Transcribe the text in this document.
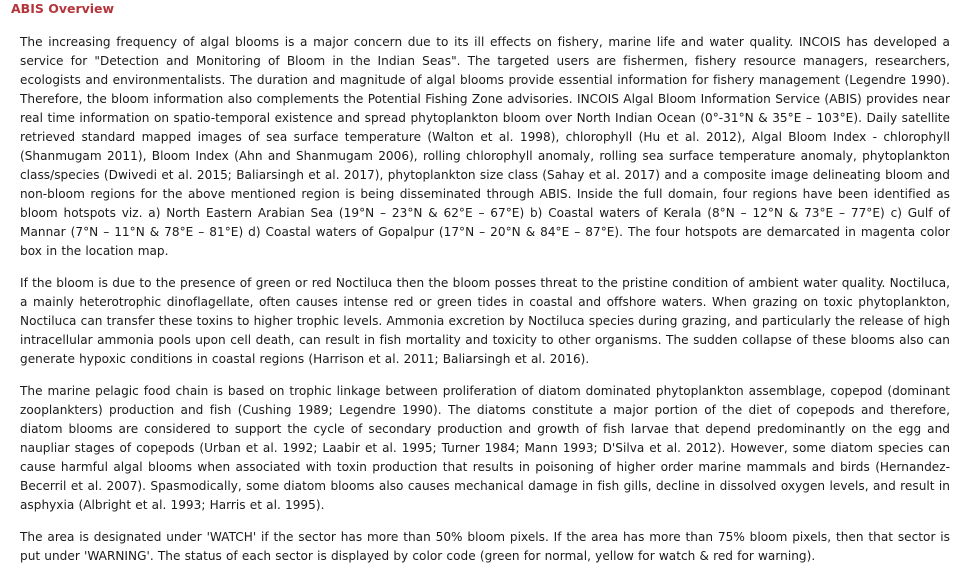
ABIS Overview

The increasing frequency of algal blooms is a major concern due to its ill effects on fishery, marine life and water quality. INCOIS has developed a service for "Detection and Monitoring of Bloom in the Indian Seas". The targeted users are fishermen, fishery resource managers, researchers, ecologists and environmentalists. The duration and magnitude of algal blooms provide essential information for fishery management (Legendre 1990). Therefore, the bloom information also complements the Potential Fishing Zone advisories. INCOIS Algal Bloom Information Service (ABIS) provides near real time information on spatio-temporal existence and spread phytoplankton bloom over North Indian Ocean (0°-31°N & 35°E – 103°E). Daily satellite retrieved standard mapped images of sea surface temperature (Walton et al. 1998), chlorophyll (Hu et al. 2012), Algal Bloom Index - chlorophyll (Shanmugam 2011), Bloom Index (Ahn and Shanmugam 2006), rolling chlorophyll anomaly, rolling sea surface temperature anomaly, phytoplankton class/species (Dwivedi et al. 2015; Baliarsingh et al. 2017), phytoplankton size class (Sahay et al. 2017) and a composite image delineating bloom and non-bloom regions for the above mentioned region is being disseminated through ABIS. Inside the full domain, four regions have been identified as bloom hotspots viz. a) North Eastern Arabian Sea (19°N – 23°N & 62°E – 67°E) b) Coastal waters of Kerala (8°N – 12°N & 73°E – 77°E) c) Gulf of Mannar (7°N – 11°N & 78°E – 81°E) d) Coastal waters of Gopalpur (17°N – 20°N & 84°E – 87°E). The four hotspots are demarcated in magenta color box in the location map.

If the bloom is due to the presence of green or red Noctiluca then the bloom posses threat to the pristine condition of ambient water quality. Noctiluca, a mainly heterotrophic dinoflagellate, often causes intense red or green tides in coastal and offshore waters. When grazing on toxic phytoplankton, Noctiluca can transfer these toxins to higher trophic levels. Ammonia excretion by Noctiluca species during grazing, and particularly the release of high intracellular ammonia pools upon cell death, can result in fish mortality and toxicity to other organisms. The sudden collapse of these blooms also can generate hypoxic conditions in coastal regions (Harrison et al. 2011; Baliarsingh et al. 2016).

The marine pelagic food chain is based on trophic linkage between proliferation of diatom dominated phytoplankton assemblage, copepod (dominant zooplankters) production and fish (Cushing 1989; Legendre 1990). The diatoms constitute a major portion of the diet of copepods and therefore, diatom blooms are considered to support the cycle of secondary production and growth of fish larvae that depend predominantly on the egg and naupliar stages of copepods (Urban et al. 1992; Laabir et al. 1995; Turner 1984; Mann 1993; D'Silva et al. 2012). However, some diatom species can cause harmful algal blooms when associated with toxin production that results in poisoning of higher order marine mammals and birds (Hernandez-Becerril et al. 2007). Spasmodically, some diatom blooms also causes mechanical damage in fish gills, decline in dissolved oxygen levels, and result in asphyxia (Albright et al. 1993; Harris et al. 1995).

The area is designated under 'WATCH' if the sector has more than 50% bloom pixels. If the area has more than 75% bloom pixels, then that sector is put under 'WARNING'. The status of each sector is displayed by color code (green for normal, yellow for watch & red for warning).
